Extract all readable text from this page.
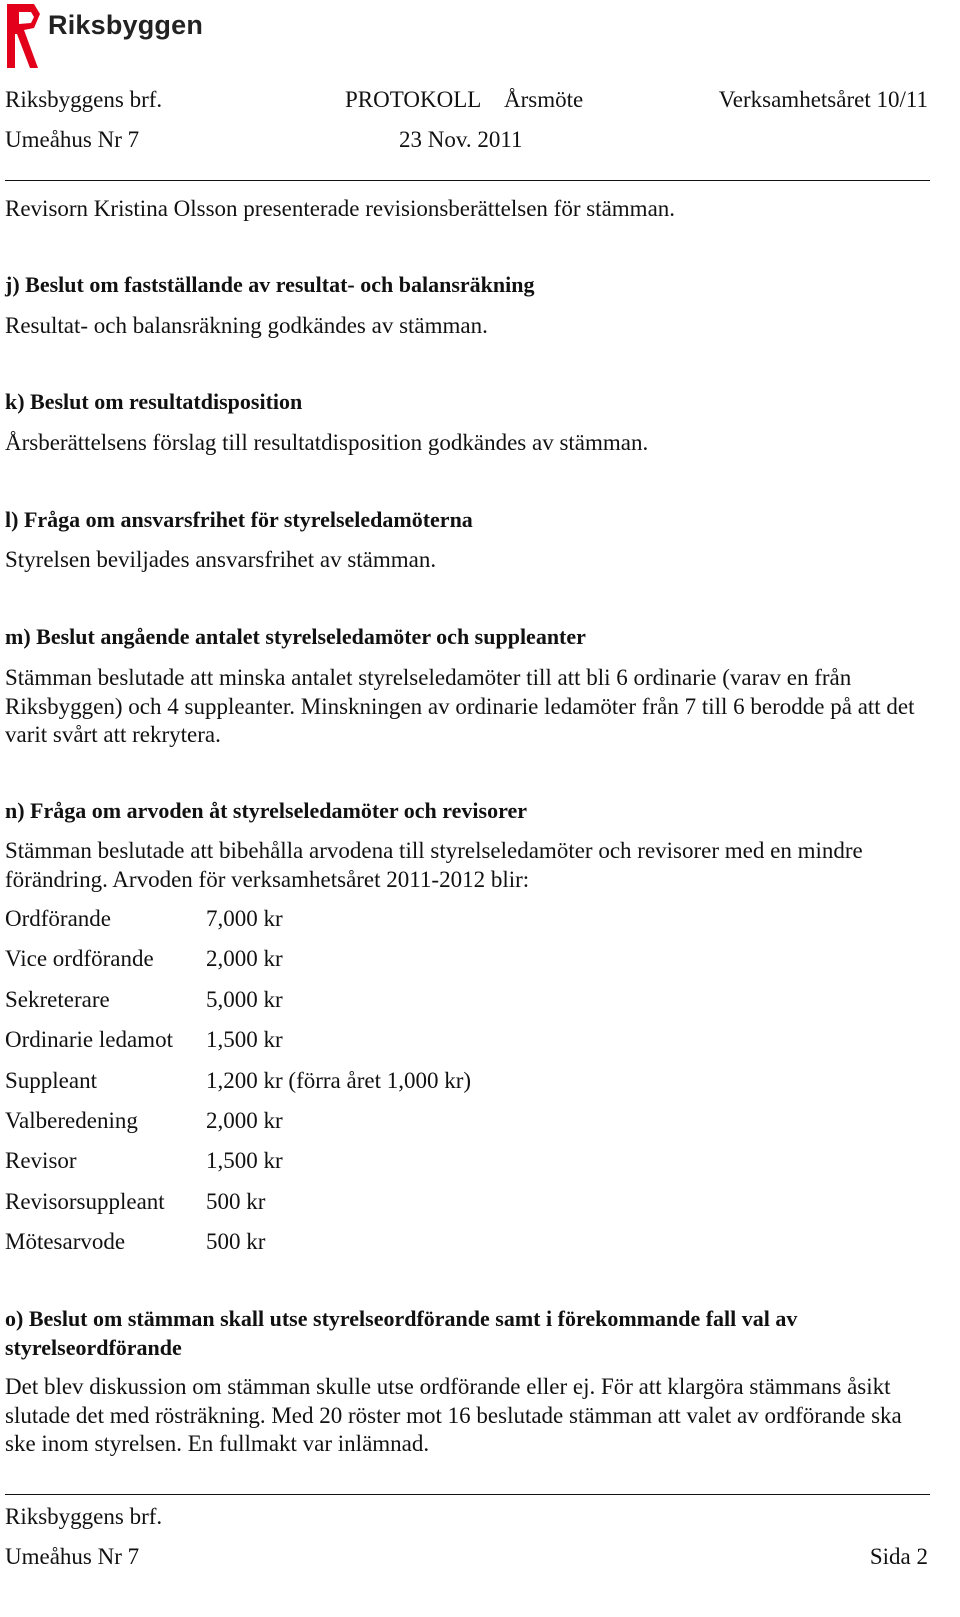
Riksbyggen
Riksbyggens brf.	PROTOKOLL Årsmöte	Verksamhetsåret 10/11
Umeåhus Nr 7	23 Nov. 2011
Revisorn Kristina Olsson presenterade revisionsberättelsen för stämman.
j) Beslut om fastställande av resultat- och balansräkning
Resultat- och balansräkning godkändes av stämman.
k) Beslut om resultatdisposition
Årsberättelsens förslag till resultatdisposition godkändes av stämman.
l) Fråga om ansvarsfrihet för styrelseledamöterna
Styrelsen beviljades ansvarsfrihet av stämman.
m) Beslut angående antalet styrelseledamöter och suppleanter
Stämman beslutade att minska antalet styrelseledamöter till att bli 6 ordinarie (varav en från Riksbyggen) och 4 suppleanter. Minskningen av ordinarie ledamöter från 7 till 6 berodde på att det varit svårt att rekrytera.
n) Fråga om arvoden åt styrelseledamöter och revisorer
Stämman beslutade att bibehålla arvodena till styrelseledamöter och revisorer med en mindre förändring. Arvoden för verksamhetsåret 2011-2012 blir:
Ordförande	7,000 kr
Vice ordförande 2,000 kr
Sekreterare	5,000 kr
Ordinarie ledamot 1,500 kr
Suppleant	1,200 kr (förra året 1,000 kr)
Valberedening	2,000 kr
Revisor	1,500 kr
Revisorsuppleant 500 kr
Mötesarvode	500 kr
o) Beslut om stämman skall utse styrelseordförande samt i förekommande fall val av styrelseordförande
Det blev diskussion om stämman skulle utse ordförande eller ej. För att klargöra stämmans åsikt slutade det med rösträkning. Med 20 röster mot 16 beslutade stämman att valet av ordförande ska ske inom styrelsen. En fullmakt var inlämnad.
Riksbyggens brf.
Umeåhus Nr 7	Sida 2
